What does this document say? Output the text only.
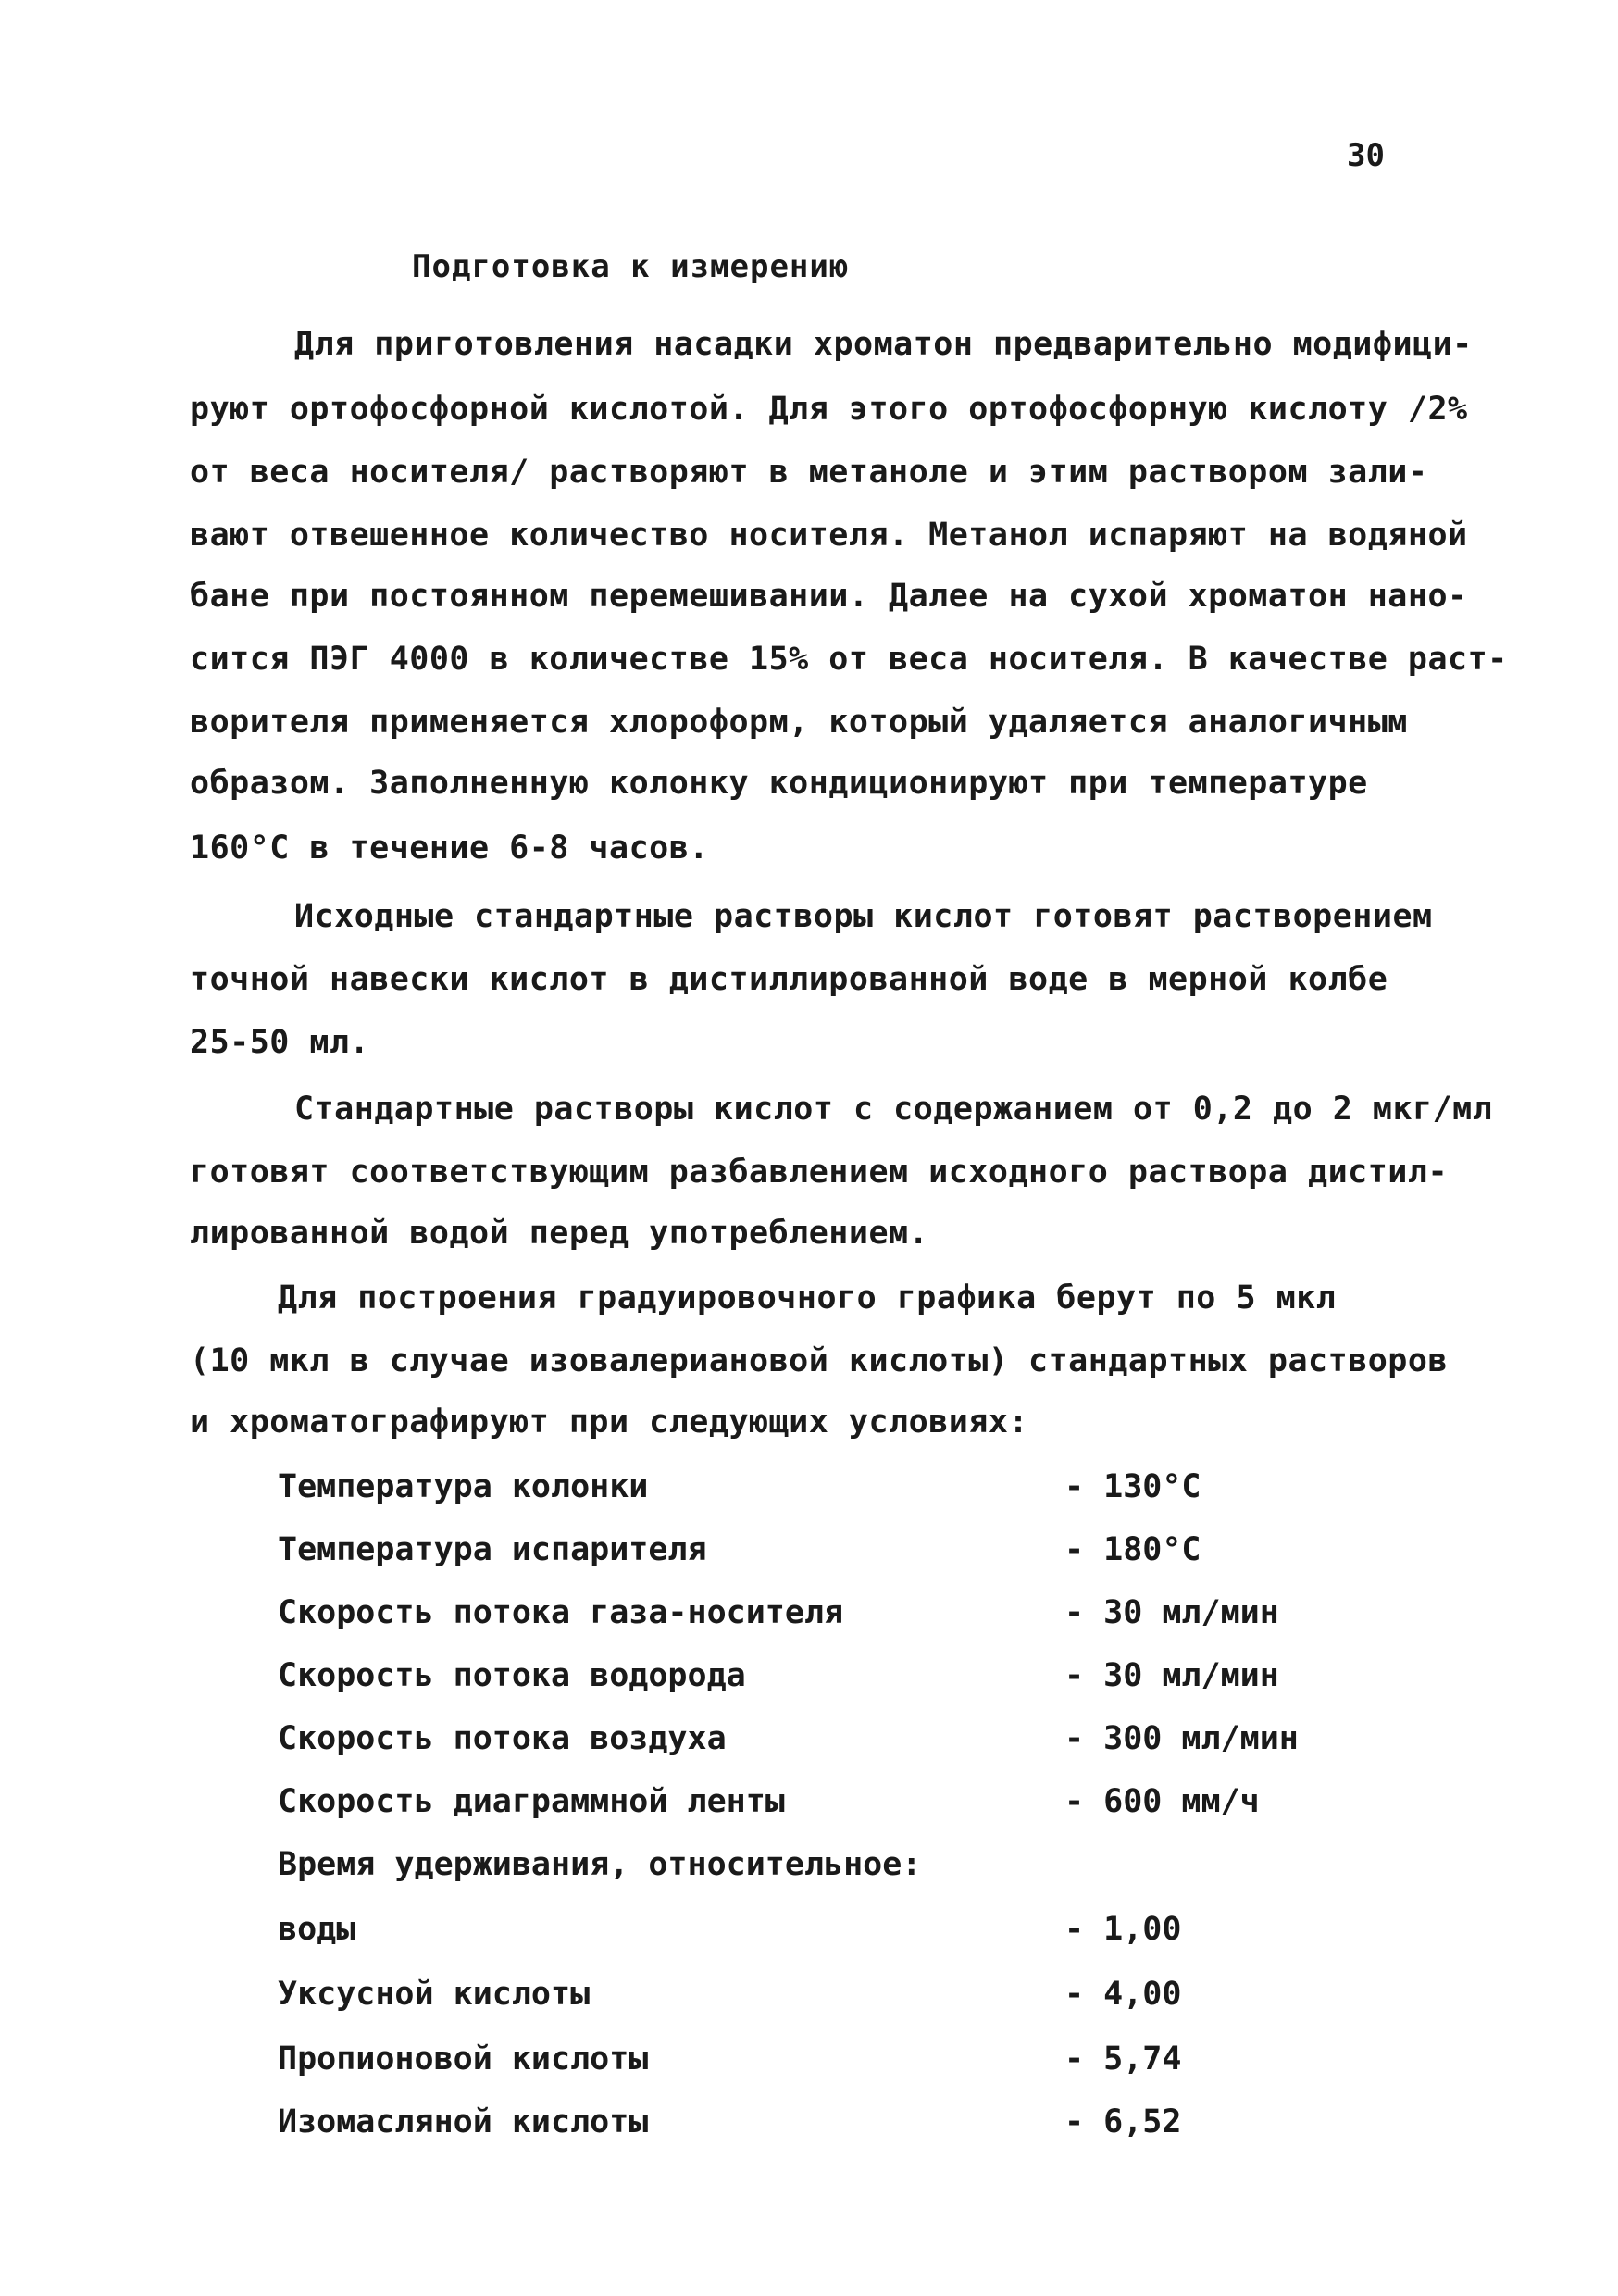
30
Подготовка к измерению
Для приготовления насадки хроматон предварительно модифици-
руют ортофосфорной кислотой. Для этого ортофосфорную кислоту /2%
от веса носителя/ растворяют в метаноле и этим раствором зали-
вают отвешенное количество носителя. Метанол испаряют на водяной
бане при постоянном перемешивании. Далее на сухой хроматон нано-
сится ПЭГ 4000 в количестве 15% от веса носителя. В качестве раст-
ворителя применяется хлороформ, который удаляется аналогичным
образом. Заполненную колонку кондиционируют при температуре
160°С в течение 6-8 часов.
Исходные стандартные растворы кислот готовят растворением
точной навески кислот в дистиллированной воде в мерной колбе
25-50 мл.
Стандартные растворы кислот с содержанием от 0,2 до 2 мкг/мл
готовят соответствующим разбавлением исходного раствора дистил-
лированной водой перед употреблением.
Для построения градуировочного графика берут по 5 мкл
(10 мкл в случае изовалериановой кислоты) стандартных растворов
и хроматографируют при следующих условиях:
Температура колонки	- 130°С
Температура испарителя	- 180°С
Скорость потока газа-носителя	- 30 мл/мин
Скорость потока водорода	- 30 мл/мин
Скорость потока воздуха	- 300 мл/мин
Скорость диаграммной ленты	- 600 мм/ч
Время удерживания, относительное:
воды	- 1,00
Уксусной кислоты	- 4,00
Пропионовой кислоты	- 5,74
Изомасляной кислоты	- 6,52
